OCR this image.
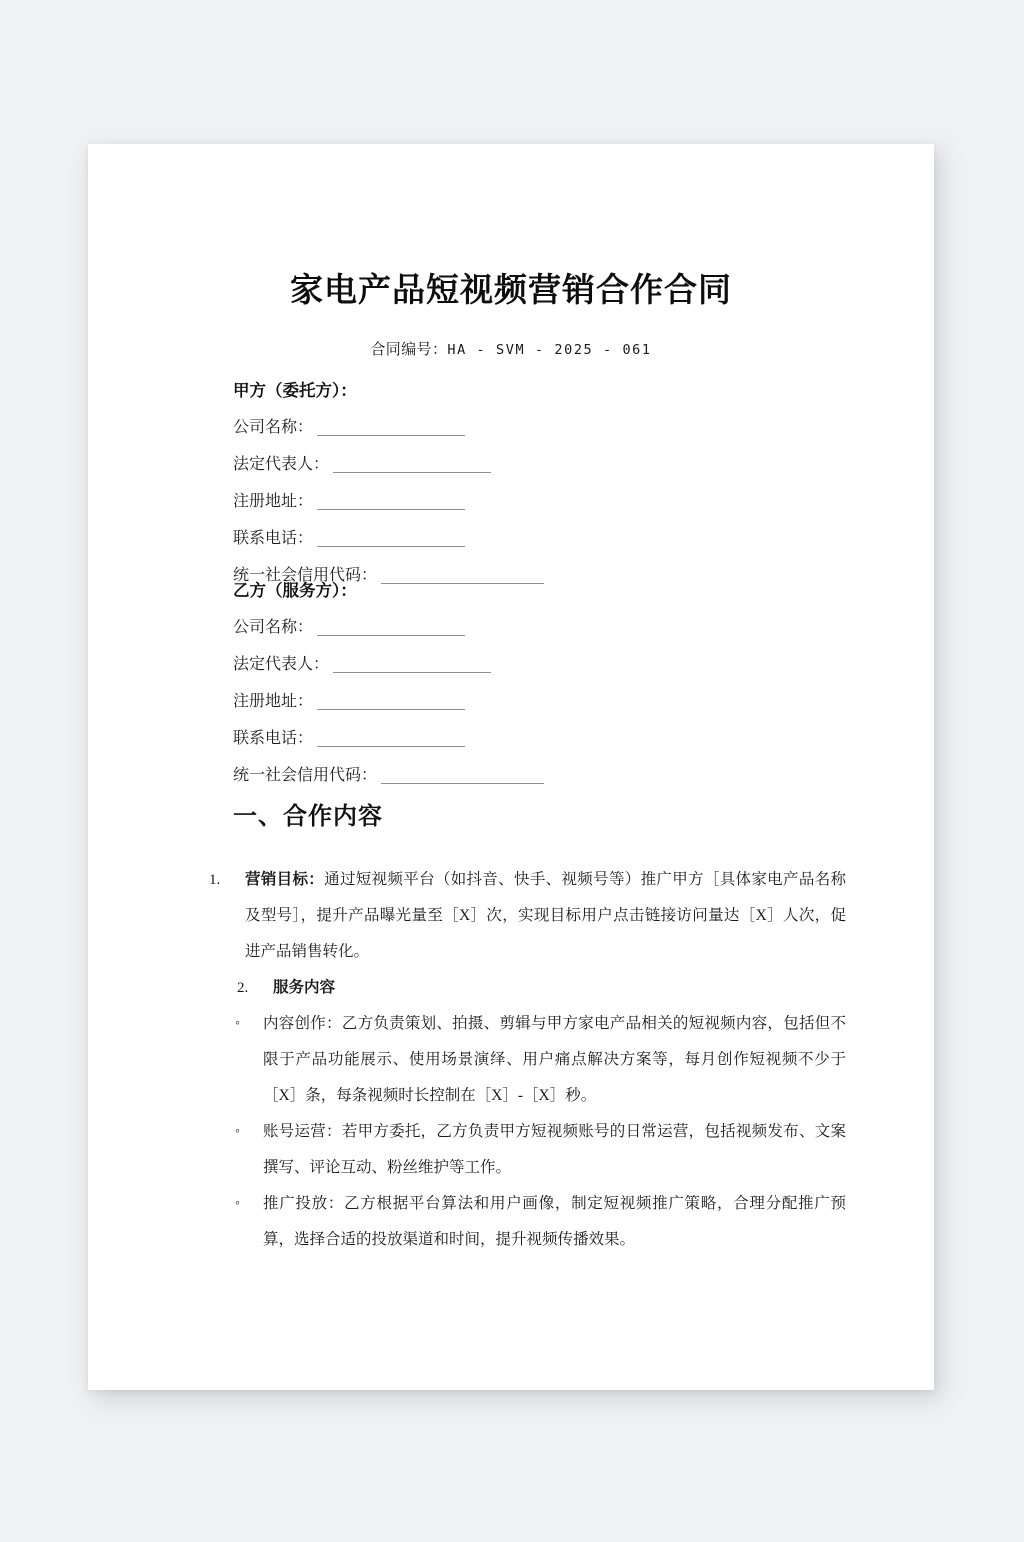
家电产品短视频营销合作合同
合同编号：HA - SVM - 2025 - 061
甲方（委托方）：
公司名称：
法定代表人：
注册地址：
联系电话：
统一社会信用代码：
乙方（服务方）：
公司名称：
法定代表人：
注册地址：
联系电话：
统一社会信用代码：
一、合作内容
1.	营销目标：通过短视频平台（如抖音、快手、视频号等）推广甲方［具体家电产品名称及型号］，提升产品曝光量至［X］次，实现目标用户点击链接访问量达［X］人次，促进产品销售转化。
2.	服务内容
◦	内容创作：乙方负责策划、拍摄、剪辑与甲方家电产品相关的短视频内容，包括但不限于产品功能展示、使用场景演绎、用户痛点解决方案等，每月创作短视频不少于［X］条，每条视频时长控制在［X］-［X］秒。
◦	账号运营：若甲方委托，乙方负责甲方短视频账号的日常运营，包括视频发布、文案撰写、评论互动、粉丝维护等工作。
◦	推广投放：乙方根据平台算法和用户画像，制定短视频推广策略，合理分配推广预算，选择合适的投放渠道和时间，提升视频传播效果。
